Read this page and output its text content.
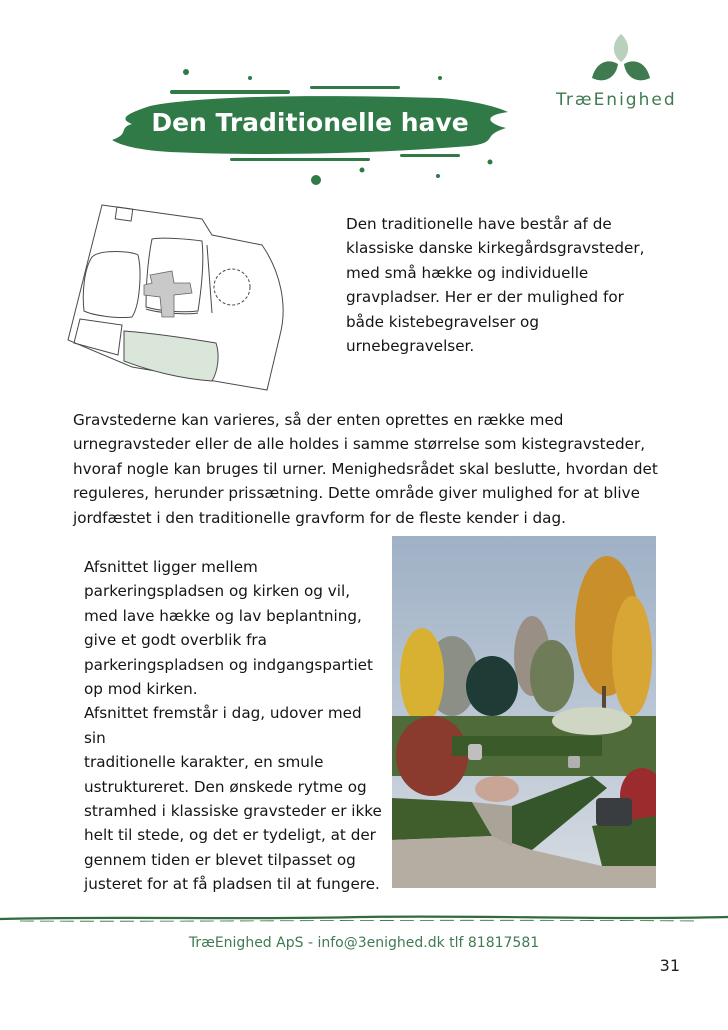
TræEnighed
Den Traditionelle have
Den traditionelle have består af de
klassiske danske kirkegårdsgravsteder,
med små hække og individuelle
gravpladser. Her er der mulighed for
både kistebegravelser og
urnebegravelser.
Gravstederne kan varieres, så der enten oprettes en række med
urnegravsteder eller de alle holdes i samme størrelse som kistegravsteder,
hvoraf nogle kan bruges til urner. Menighedsrådet skal beslutte, hvordan det
reguleres, herunder prissætning. Dette område giver mulighed for at blive
jordfæstet i den traditionelle gravform for de fleste kender i dag.
Afsnittet ligger mellem
parkeringspladsen og kirken og vil,
med lave hække og lav beplantning,
give et godt overblik fra
parkeringspladsen og indgangspartiet
op mod kirken.
Afsnittet fremstår i dag, udover med sin
traditionelle karakter, en smule
ustruktureret. Den ønskede rytme og
stramhed i klassiske gravsteder er ikke
helt til stede, og det er tydeligt, at der
gennem tiden er blevet tilpasset og
justeret for at få pladsen til at fungere.
TræEnighed ApS - info@3enighed.dk tlf 81817581
31
